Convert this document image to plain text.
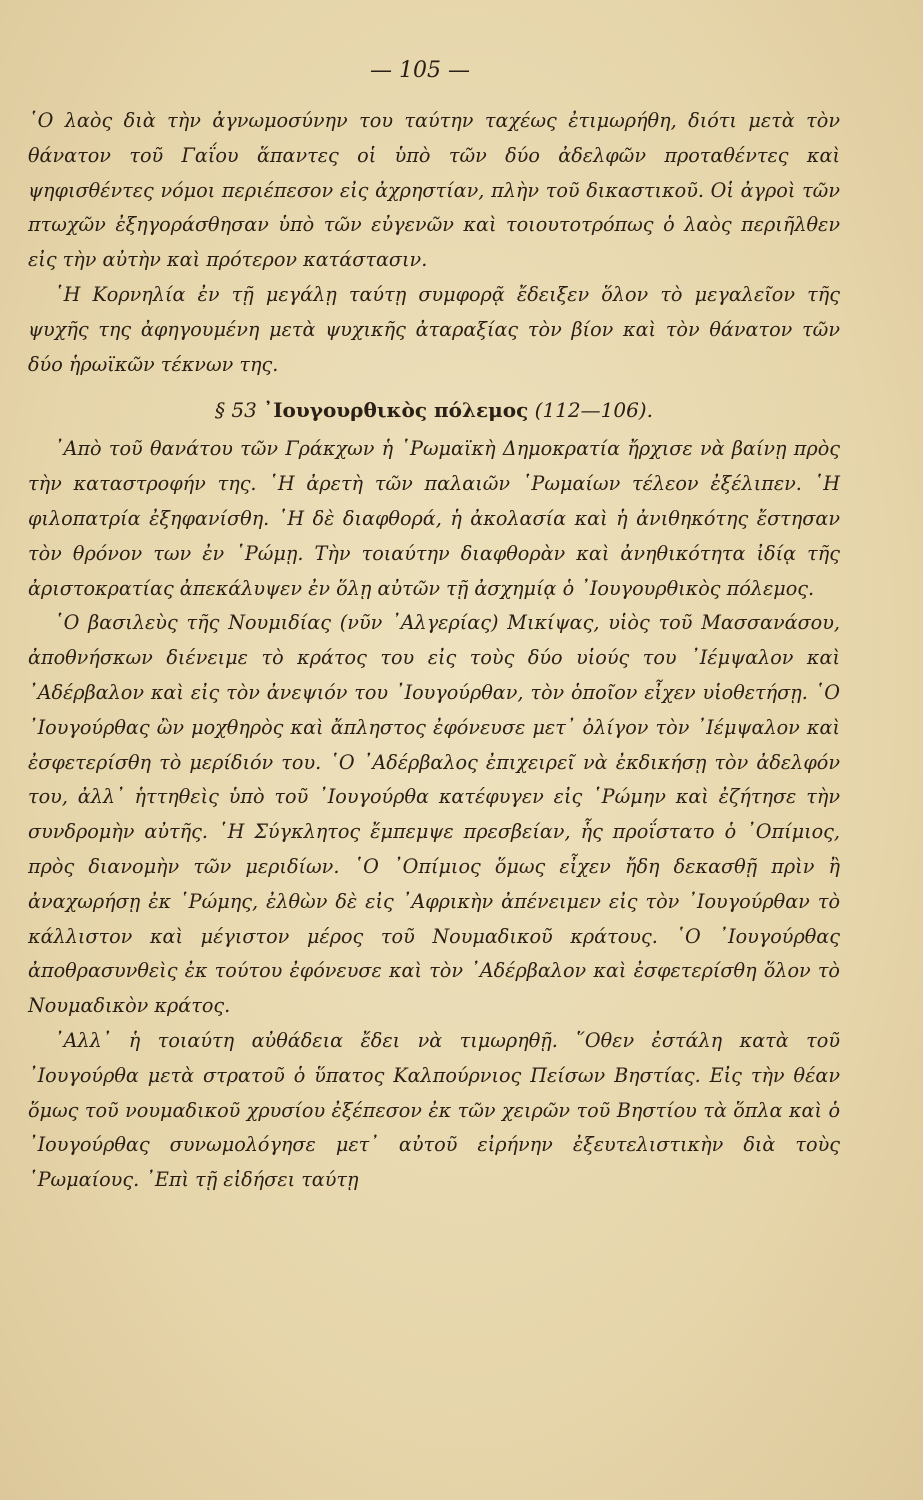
— 105 —

῾Ο λαὸς διὰ τὴν ἀγνωμοσύνην του ταύτην ταχέως ἐτιμωρήθη, διότι μετὰ τὸν θάνατον τοῦ Γαΐου ἅπαντες οἱ ὑπὸ τῶν δύο ἀδελφῶν προταθέντες καὶ ψηφισθέντες νόμοι περιέπεσον εἰς ἀχρηστίαν, πλὴν τοῦ δικαστικοῦ. Οἱ ἀγροὶ τῶν πτωχῶν ἐξηγοράσθησαν ὑπὸ τῶν εὐγενῶν καὶ τοιουτοτρόπως ὁ λαὸς περιῆλθεν εἰς τὴν αὐτὴν καὶ πρότερον κατάστασιν.

῾Η Κορνηλία ἐν τῇ μεγάλῃ ταύτῃ συμφορᾷ ἔδειξεν ὅλον τὸ μεγαλεῖον τῆς ψυχῆς της ἀφηγουμένη μετὰ ψυχικῆς ἀταραξίας τὸν βίον καὶ τὸν θάνατον τῶν δύο ἡρωϊκῶν τέκνων της.

§ 53 ᾿Ιουγουρθικὸς πόλεμος (112—106).

᾿Απὸ τοῦ θανάτου τῶν Γράκχων ἡ ῾Ρωμαϊκὴ Δημοκρατία ἤρχισε νὰ βαίνῃ πρὸς τὴν καταστροφήν της. ῾Η ἀρετὴ τῶν παλαιῶν ῾Ρωμαίων τέλεον ἐξέλιπεν. ῾Η φιλοπατρία ἐξηφανίσθη. ῾Η δὲ διαφθορά, ἡ ἀκολασία καὶ ἡ ἀνιθηκότης ἔστησαν τὸν θρόνον των ἐν ῾Ρώμῃ. Τὴν τοιαύτην διαφθορὰν καὶ ἀνηθικότητα ἰδίᾳ τῆς ἀριστοκρατίας ἀπεκάλυψεν ἐν ὅλῃ αὐτῶν τῇ ἀσχημίᾳ ὁ ᾿Ιουγουρθικὸς πόλεμος.

῾Ο βασιλεὺς τῆς Νουμιδίας (νῦν ᾿Αλγερίας) Μικίψας, υἱὸς τοῦ Μασσανάσου, ἀποθνήσκων διένειμε τὸ κράτος του εἰς τοὺς δύο υἱούς του ᾿Ιέμψαλον καὶ ᾿Αδέρβαλον καὶ εἰς τὸν ἀνεψιόν του ᾿Ιουγούρθαν, τὸν ὁποῖον εἶχεν υἱοθετήσῃ. ῾Ο ᾿Ιουγούρθας ὢν μοχθηρὸς καὶ ἄπληστος ἐφόνευσε μετ᾿ ὀλίγον τὸν ᾿Ιέμψαλον καὶ ἐσφετερίσθη τὸ μερίδιόν του. ῾Ο ᾿Αδέρβαλος ἐπιχειρεῖ νὰ ἐκδικήσῃ τὸν ἀδελφόν του, ἀλλ᾿ ἡττηθεὶς ὑπὸ τοῦ ᾿Ιουγούρθα κατέφυγεν εἰς ῾Ρώμην καὶ ἐζήτησε τὴν συνδρομὴν αὐτῆς. ῾Η Σύγκλητος ἔμπεμψε πρεσβείαν, ἧς προΐστατο ὁ ᾿Οπίμιος, πρὸς διανομὴν τῶν μεριδίων. ῾Ο ᾿Οπίμιος ὅμως εἶχεν ἤδη δεκασθῇ πρὶν ἢ ἀναχωρήσῃ ἐκ ῾Ρώμης, ἐλθὼν δὲ εἰς ᾿Αφρικὴν ἀπένειμεν εἰς τὸν ᾿Ιουγούρθαν τὸ κάλλιστον καὶ μέγιστον μέρος τοῦ Νουμαδικοῦ κράτους. ῾Ο ᾿Ιουγούρθας ἀποθρασυνθεὶς ἐκ τούτου ἐφόνευσε καὶ τὸν ᾿Αδέρβαλον καὶ ἐσφετερίσθη ὅλον τὸ Νουμαδικὸν κράτος.

᾿Αλλ᾿ ἡ τοιαύτη αὐθάδεια ἔδει νὰ τιμωρηθῇ. ῞Οθεν ἐστάλη κατὰ τοῦ ᾿Ιουγούρθα μετὰ στρατοῦ ὁ ὕπατος Καλπούρνιος Πείσων Βηστίας. Εἰς τὴν θέαν ὅμως τοῦ νουμαδικοῦ χρυσίου ἐξέπεσον ἐκ τῶν χειρῶν τοῦ Βηστίου τὰ ὅπλα καὶ ὁ ᾿Ιουγούρθας συνωμολόγησε μετ᾿ αὐτοῦ εἰρήνην ἐξευτελιστικὴν διὰ τοὺς ῾Ρωμαίους. ᾿Επὶ τῇ εἰδήσει ταύτῃ
